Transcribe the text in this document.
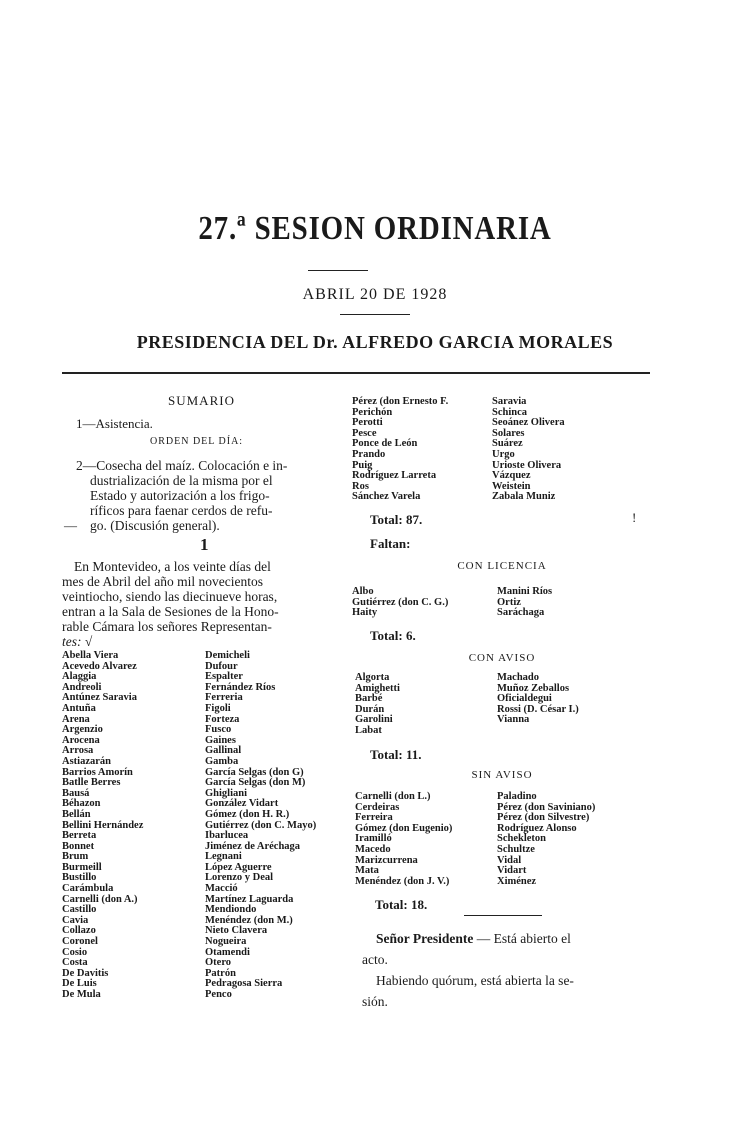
27.ª SESION ORDINARIA
ABRIL 20 DE 1928
PRESIDENCIA DEL Dr. ALFREDO GARCIA MORALES
SUMARIO
1—Asistencia.
ORDEN DEL DÍA:
2—Cosecha del maíz. Colocación e in-
dustrialización de la misma por el
Estado y autorización a los frigo-
ríficos para faenar cerdos de refu-
go. (Discusión general).
—
1
En Montevideo, a los veinte días del
mes de Abril del año mil novecientos
veintiocho, siendo las diecinueve horas,
entran a la Sala de Sesiones de la Hono-
rable Cámara los señores Representan-
tes: √
Abella Viera
Acevedo Alvarez
Alaggia
Andreoli
Antúnez Saravia
Antuña
Arena
Argenzio
Arocena
Arrosa
Astiazarán
Barrios Amorín
Batlle Berres
Bausá
Béhazon
Bellán
Bellini Hernández
Berreta
Bonnet
Brum
Burmeill
Bustillo
Carámbula
Carnelli (don A.)
Castillo
Cavia
Collazo
Coronel
Cosio
Costa
De Davitis
De Luis
De Mula
Demicheli
Dufour
Espalter
Fernández Ríos
Ferreria
Figoli
Forteza
Fusco
Gaines
Gallinal
Gamba
García Selgas (don G)
García Selgas (don M)
Ghigliani
González Vidart
Gómez (don H. R.)
Gutiérrez (don C. Mayo)
Ibarlucea
Jiménez de Aréchaga
Legnani
López Aguerre
Lorenzo y Deal
Macció
Martínez Laguarda
Mendiondo
Menéndez (don M.)
Nieto Clavera
Nogueira
Otamendi
Otero
Patrón
Pedragosa Sierra
Penco
Pérez (don Ernesto F.
Perichón
Perotti
Pesce
Ponce de León
Prando
Puig
Rodríguez Larreta
Ros
Sánchez Varela
Saravia
Schinca
Seoánez Olivera
Solares
Suárez
Urgo
Urioste Olivera
Vázquez
Weistein
Zabala Muniz
Total: 87.	!
Faltan:
CON LICENCIA
Albo
Gutiérrez (don C. G.)
Haity
Manini Ríos
Ortiz
Saráchaga
Total: 6.
CON AVISO
Algorta
Amighetti
Barbé
Durán
Garolini
Labat
Machado
Muñoz Zeballos
Oficialdegui
Rossi (D. César I.)
Vianna
Total: 11.
SIN AVISO
Carnelli (don L.)
Cerdeiras
Ferreira
Gómez (don Eugenio)
Iramilló
Macedo
Marizcurrena
Mata
Menéndez (don J. V.)
Paladino
Pérez (don Saviniano)
Pérez (don Silvestre)
Rodríguez Alonso
Schekleton
Schultze
Vidal
Vidart
Ximénez
Total: 18.
Señor Presidente — Está abierto el
acto.
Habiendo quórum, está abierta la se-
sión.
